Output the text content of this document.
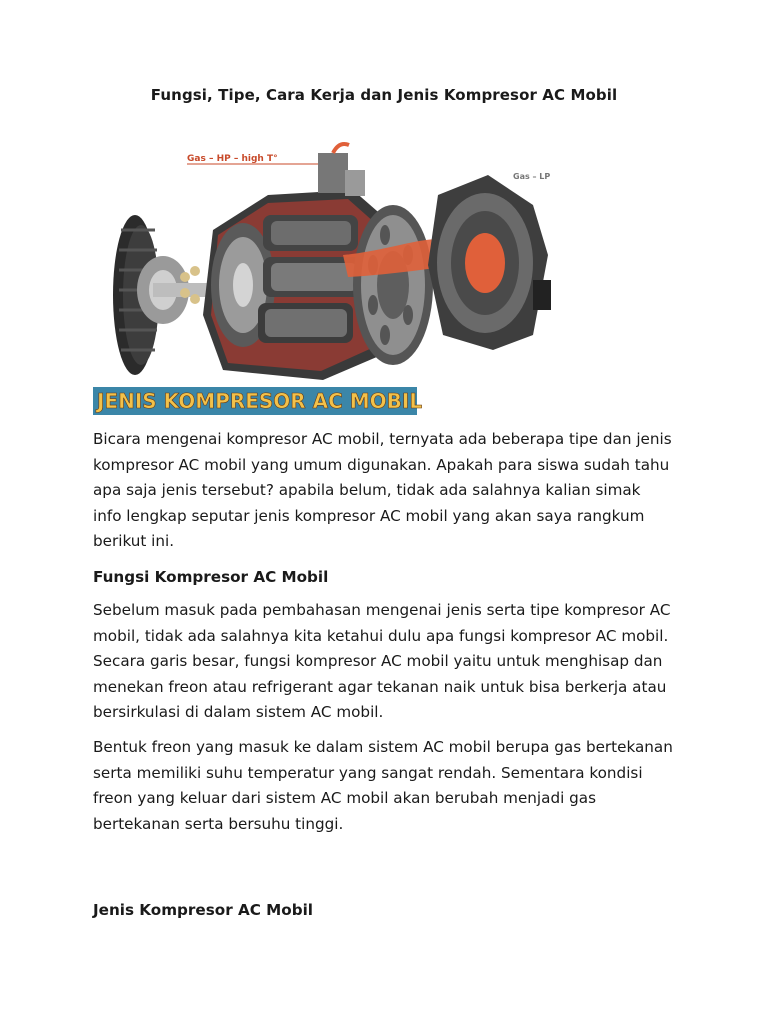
Fungsi, Tipe, Cara Kerja dan Jenis Kompresor AC Mobil
Gas – HP – high T°
Gas – LP
JENIS KOMPRESOR AC MOBIL

Bicara mengenai kompresor AC mobil, ternyata ada beberapa tipe dan jenis kompresor AC mobil yang umum digunakan. Apakah para siswa sudah tahu apa saja jenis tersebut? apabila belum, tidak ada salahnya kalian simak info lengkap seputar jenis kompresor AC mobil yang akan saya rangkum berikut ini.

Fungsi Kompresor AC Mobil

Sebelum masuk pada pembahasan mengenai jenis serta tipe kompresor AC mobil, tidak ada salahnya kita ketahui dulu apa fungsi kompresor AC mobil. Secara garis besar, fungsi kompresor AC mobil yaitu untuk menghisap dan menekan freon atau refrigerant agar tekanan naik untuk bisa berkerja atau bersirkulasi di dalam sistem AC mobil.

Bentuk freon yang masuk ke dalam sistem AC mobil berupa gas bertekanan serta memiliki suhu temperatur yang sangat rendah. Sementara kondisi freon yang keluar dari sistem AC mobil akan berubah menjadi gas bertekanan serta bersuhu tinggi.

Jenis Kompresor AC Mobil
